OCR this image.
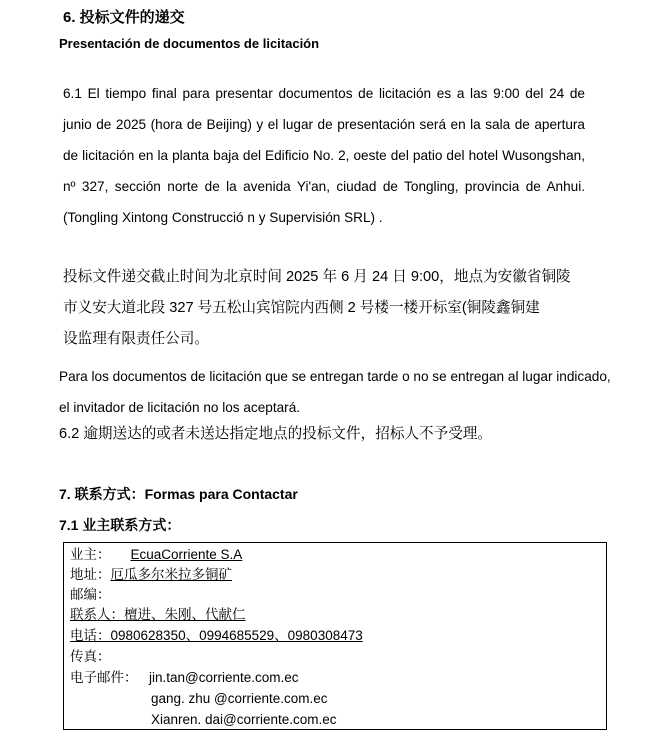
6. 投标文件的递交
Presentación de documentos de licitación
6.1 El tiempo final para presentar documentos de licitación es a las 9:00 del 24 de junio de 2025 (hora de Beijing) y el lugar de presentación será en la sala de apertura de licitación en la planta baja del Edificio No. 2, oeste del patio del hotel Wusongshan, nº 327, sección norte de la avenida Yi'an, ciudad de Tongling, provincia de Anhui. (Tongling Xintong Construcció n y Supervisión SRL) .
投标文件递交截止时间为北京时间 2025 年 6 月 24 日 9:00，地点为安徽省铜陵
市义安大道北段 327 号五松山宾馆院内西侧 2 号楼一楼开标室(铜陵鑫铜建
设监理有限责任公司。
Para los documentos de licitación que se entregan tarde o no se entregan al lugar indicado, el invitador de licitación no los aceptará.
6.2 逾期送达的或者未送达指定地点的投标文件，招标人不予受理。
7. 联系方式：Formas para Contactar
7.1 业主联系方式：
业主： EcuaCorriente S.A
地址：厄瓜多尔米拉多铜矿
邮编：
联系人：檀进、朱刚、代献仁
电话：0980628350、0994685529、0980308473
传真：
电子邮件： jin.tan@corriente.com.ec
gang. zhu @corriente.com.ec
Xianren. dai@corriente.com.ec
